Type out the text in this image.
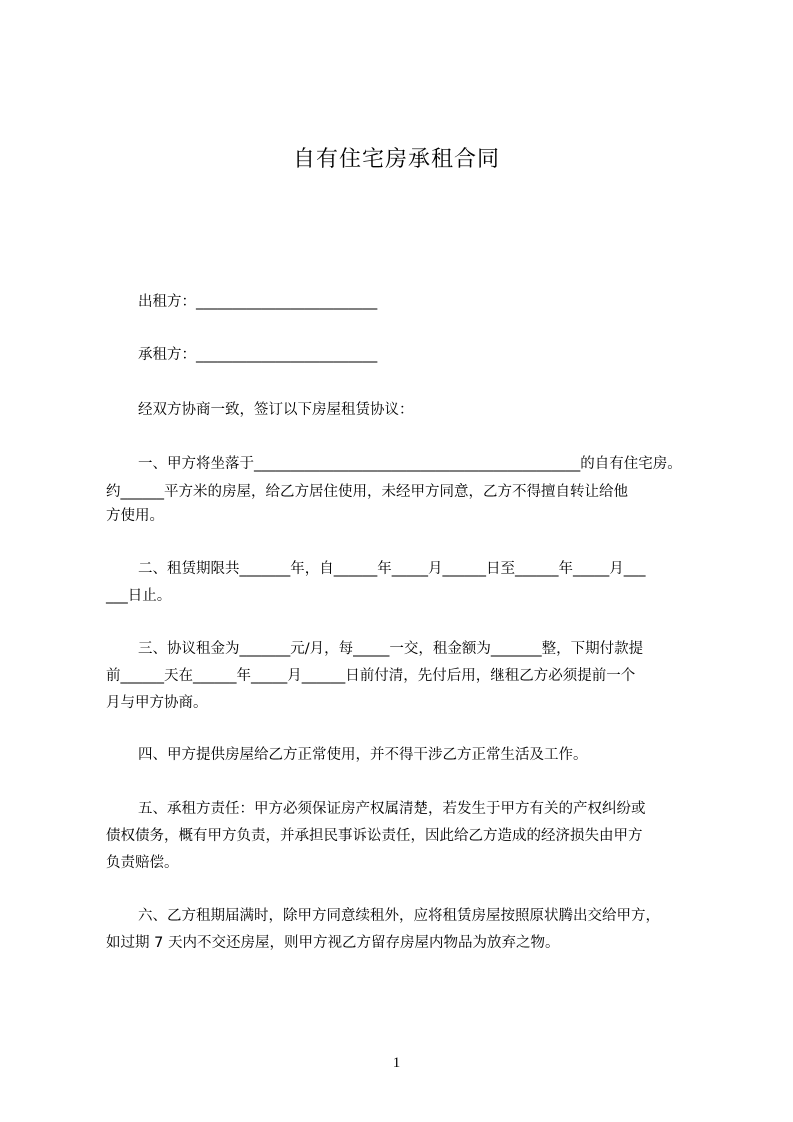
自有住宅房承租合同
出租方：_________________________
承租方：_________________________
经双方协商一致，签订以下房屋租赁协议：
一、甲方将坐落于_____________________________________________的自有住宅房。
约______平方米的房屋，给乙方居住使用，未经甲方同意，乙方不得擅自转让给他
方使用。
二、租赁期限共_______年，自______年_____月______日至______年_____月___
___日止。
三、协议租金为_______元/月，每_____一交，租金额为_______整，下期付款提
前______天在______年_____月______日前付清，先付后用，继租乙方必须提前一个
月与甲方协商。
四、甲方提供房屋给乙方正常使用，并不得干涉乙方正常生活及工作。
五、承租方责任：甲方必须保证房产权属清楚，若发生于甲方有关的产权纠纷或
债权债务，概有甲方负责，并承担民事诉讼责任，因此给乙方造成的经济损失由甲方
负责赔偿。
六、乙方租期届满时，除甲方同意续租外，应将租赁房屋按照原状腾出交给甲方，
如过期 7 天内不交还房屋，则甲方视乙方留存房屋内物品为放弃之物。
1
